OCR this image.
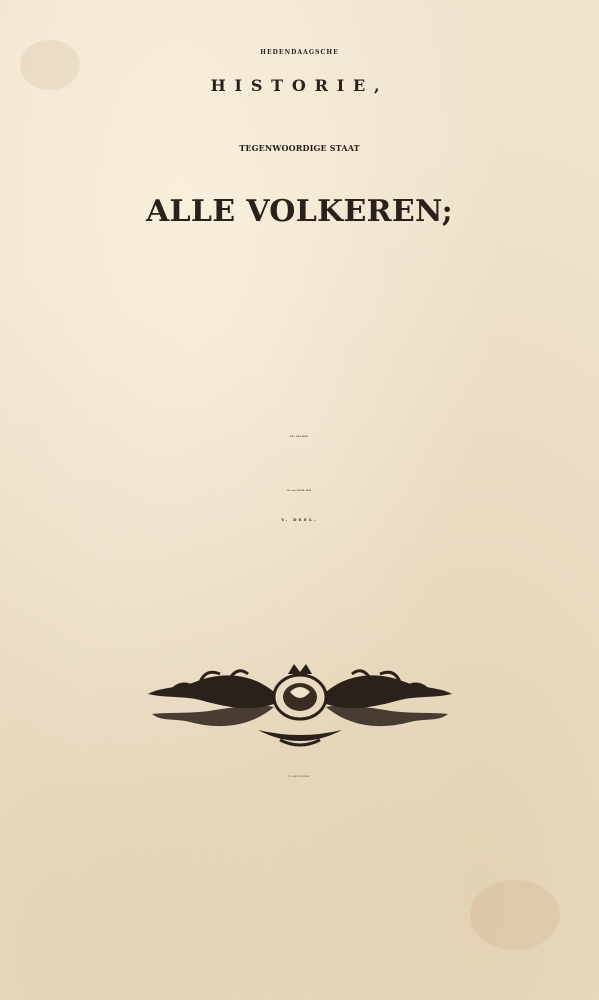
HEDENDAAGSCHE
HISTORIE,
TEGENWOORDIGE STAAT
ALLE VOLKEREN;
TH. SALMON.
M. van GOCH, M.D.
V. DEEL.
Te AMSTERDAM,
